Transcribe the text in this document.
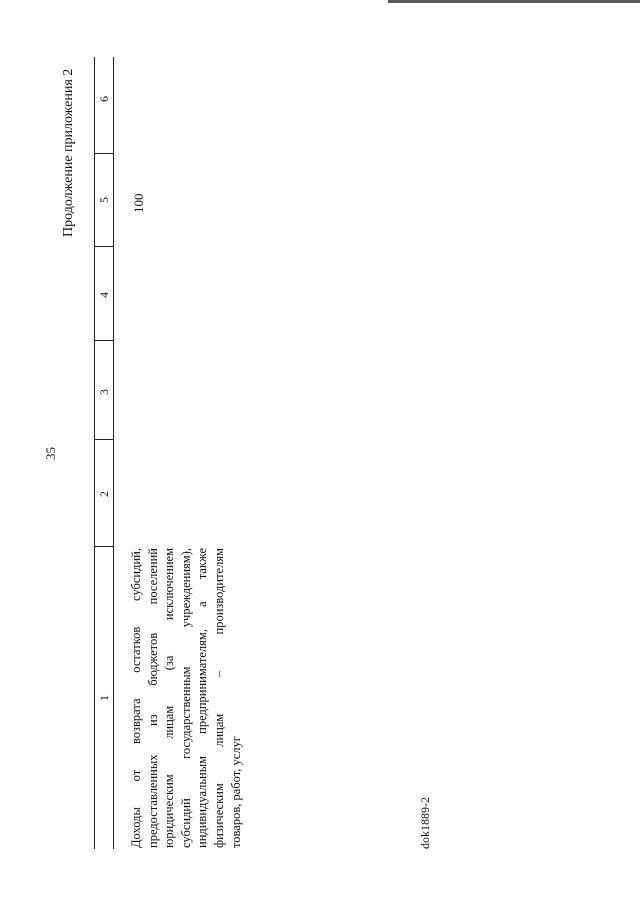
35
Продолжение приложения 2
1
2
3
4
5
6
Доходы от возврата остатков субсидий, предоставленных из бюджетов поселений юридическим лицам (за исключением субсидий государственным учреждениям), индивидуальным предпринимателям, а также физическим лицам – производителям товаров, работ, услуг
100
dok1889-2
